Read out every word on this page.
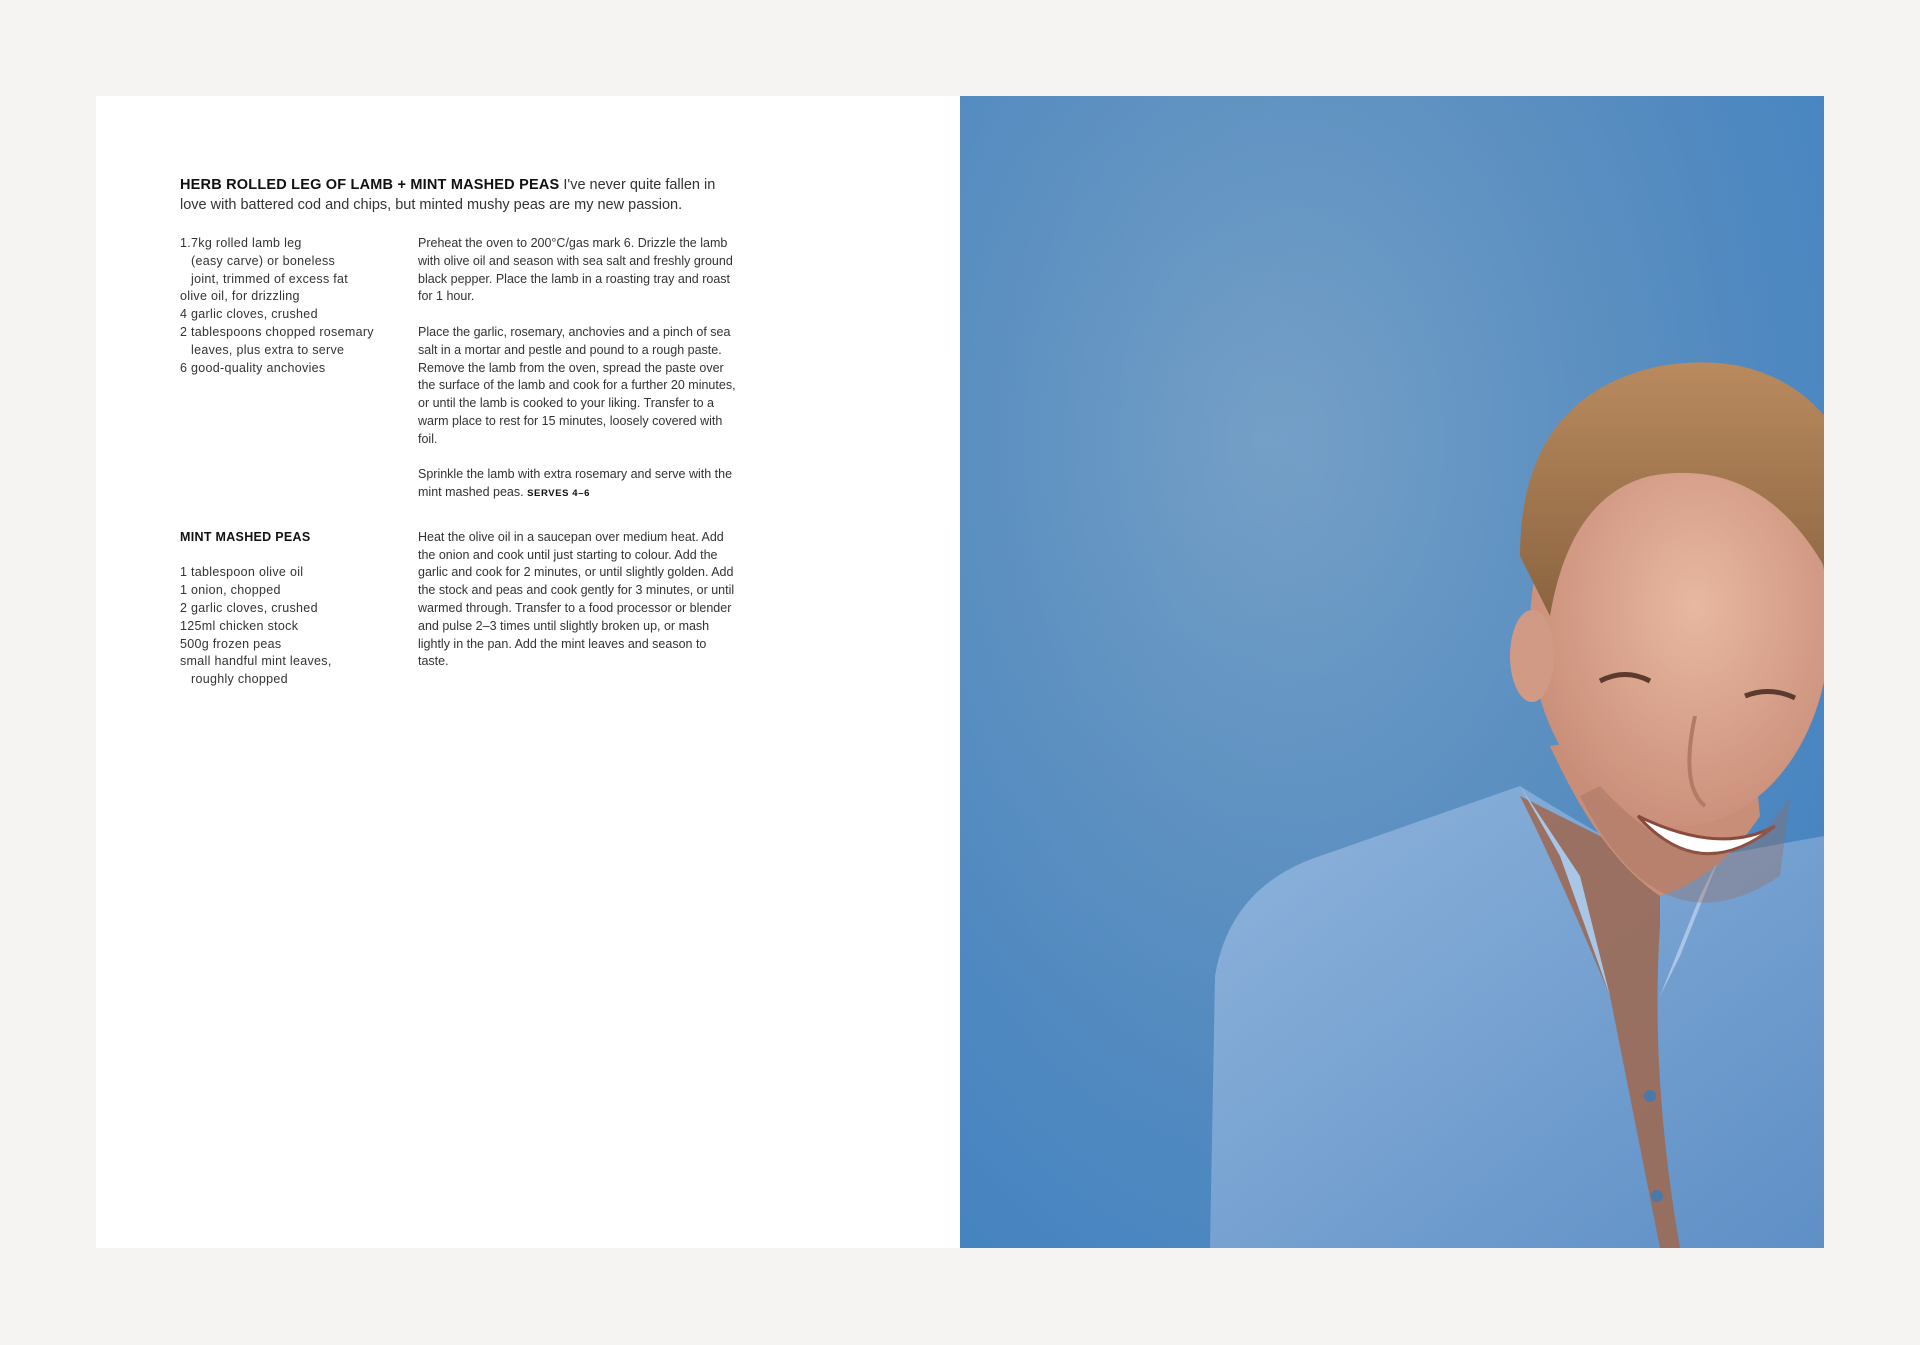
HERB ROLLED LEG OF LAMB + MINT MASHED PEAS I've never quite fallen in love with battered cod and chips, but minted mushy peas are my new passion.

1.7kg rolled lamb leg
(easy carve) or boneless
joint, trimmed of excess fat
olive oil, for drizzling
4 garlic cloves, crushed
2 tablespoons chopped rosemary
leaves, plus extra to serve
6 good-quality anchovies

Preheat the oven to 200°C/gas mark 6. Drizzle the lamb with olive oil and season with sea salt and freshly ground black pepper. Place the lamb in a roasting tray and roast for 1 hour.

Place the garlic, rosemary, anchovies and a pinch of sea salt in a mortar and pestle and pound to a rough paste. Remove the lamb from the oven, spread the paste over the surface of the lamb and cook for a further 20 minutes, or until the lamb is cooked to your liking. Transfer to a warm place to rest for 15 minutes, loosely covered with foil.

Sprinkle the lamb with extra rosemary and serve with the mint mashed peas. SERVES 4–6

MINT MASHED PEAS
1 tablespoon olive oil
1 onion, chopped
2 garlic cloves, crushed
125ml chicken stock
500g frozen peas
small handful mint leaves,
roughly chopped

Heat the olive oil in a saucepan over medium heat. Add the onion and cook until just starting to colour. Add the garlic and cook for 2 minutes, or until slightly golden. Add the stock and peas and cook gently for 3 minutes, or until warmed through. Transfer to a food processor or blender and pulse 2–3 times until slightly broken up, or mash lightly in the pan. Add the mint leaves and season to taste.
